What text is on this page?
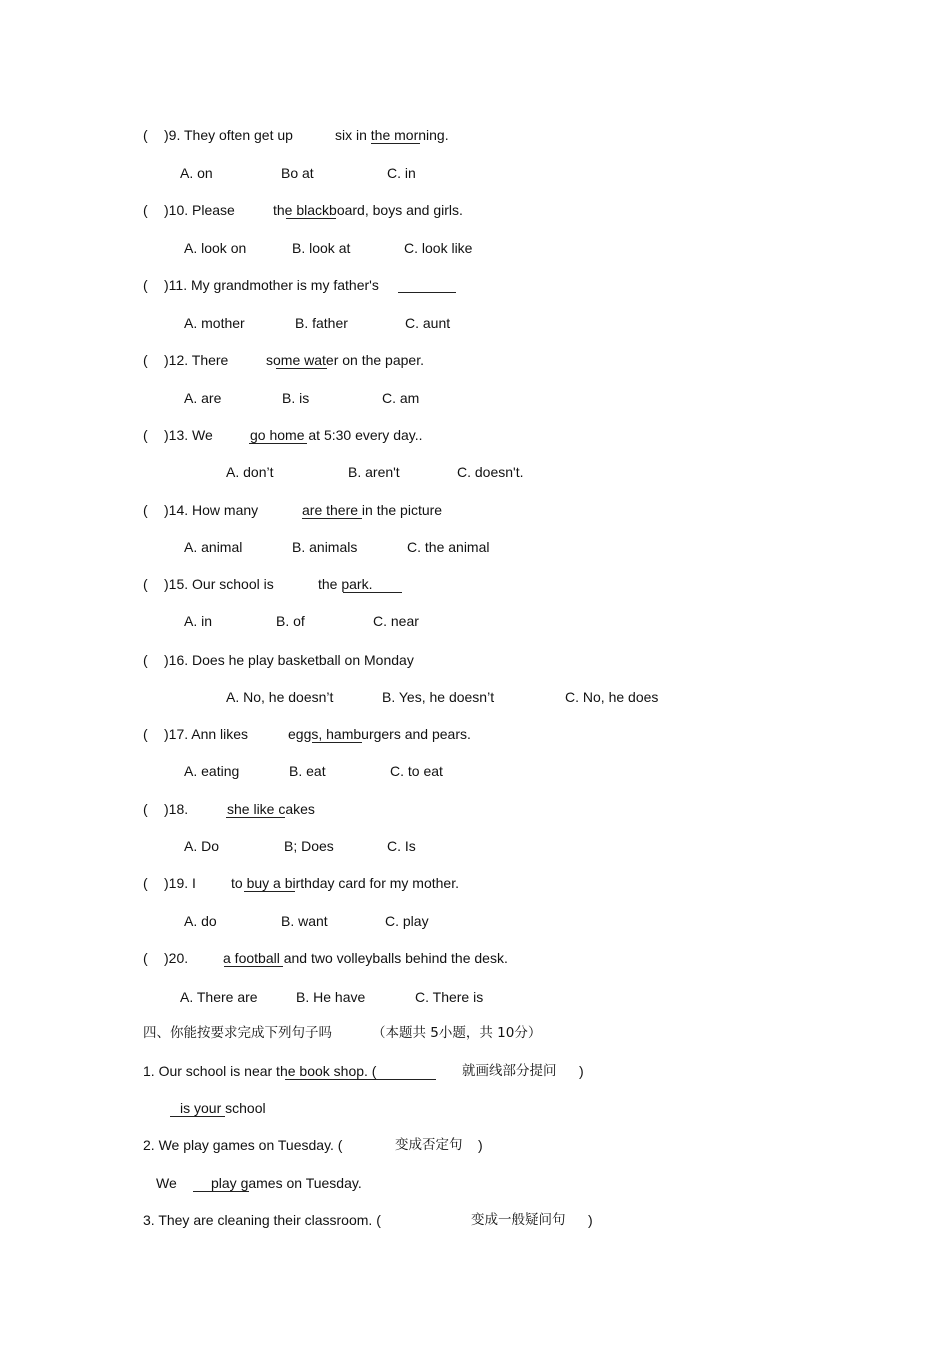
( )9. They often get up	six in the morning.
A. on	Bo at	C. in
( )10. Please	the blackboard, boys and girls.
A. look on	B. look at	C. look like
( )11. My grandmother is my father's
A. mother	B. father	C. aunt
( )12. There	some water on the paper.
A. are	B. is	C. am
( )13. We	go home at 5:30 every day..
A. don’t	B. aren't	C. doesn't.
( )14. How many	are there in the picture
A. animal	B. animals	C. the animal
( )15. Our school is	the park.
A. in	B. of	C. near
( )16. Does he play basketball on Monday
A. No, he doesn’t	B. Yes, he doesn’t	C. No, he does
( )17. Ann likes	eggs, hamburgers and pears.
A. eating	B. eat	C. to eat
( )18.	she like cakes
A. Do	B; Does	C. Is
( )19. I	to buy a birthday card for my mother.
A. do	B. want	C. play
( )20. a football and two volleyballs behind the desk.
A. There are	B. He have	C. There is
四、你能按要求完成下列句子吗	（本题共 5小题，共 10分）
1. Our school is near the book shop. (	就画线部分提问 )
is your school
2. We play games on Tuesday. (	变成否定句 )
We play games on Tuesday.
3. They are cleaning their classroom. (	变成一般疑问句 )
